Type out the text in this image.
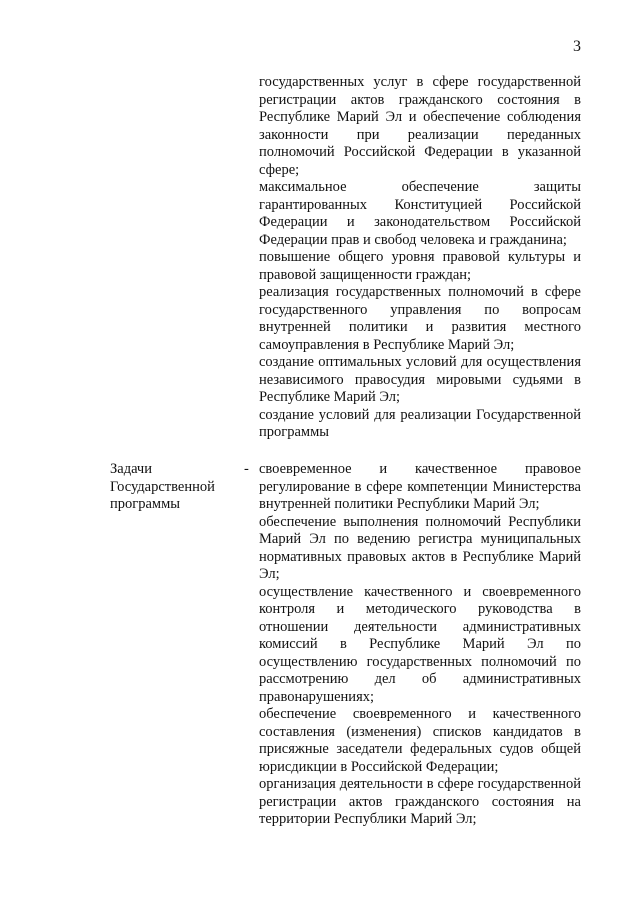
3

государственных услуг в сфере государственной регистрации актов гражданского состояния в Республике Марий Эл и обеспечение соблюдения законности при реализации переданных полномочий Российской Федерации в указанной сфере;

максимальное обеспечение защиты гарантированных Конституцией Российской Федерации и законодательством Российской Федерации прав и свобод человека и гражданина;

повышение общего уровня правовой культуры и правовой защищенности граждан;

реализация государственных полномочий в сфере государственного управления по вопросам внутренней политики и развития местного самоуправления в Республике Марий Эл;

создание оптимальных условий для осуществления независимого правосудия мировыми судьями в Республике Марий Эл;

создание условий для реализации Государственной программы

Задачи Государственной программы
- своевременное и качественное правовое регулирование в сфере компетенции Министерства внутренней политики Республики Марий Эл;

обеспечение выполнения полномочий Республики Марий Эл по ведению регистра муниципальных нормативных правовых актов в Республике Марий Эл;

осуществление качественного и своевременного контроля и методического руководства в отношении деятельности административных комиссий в Республике Марий Эл по осуществлению государственных полномочий по рассмотрению дел об административных правонарушениях;

обеспечение своевременного и качественного составления (изменения) списков кандидатов в присяжные заседатели федеральных судов общей юрисдикции в Российской Федерации;

организация деятельности в сфере государственной регистрации актов гражданского состояния на территории Республики Марий Эл;
